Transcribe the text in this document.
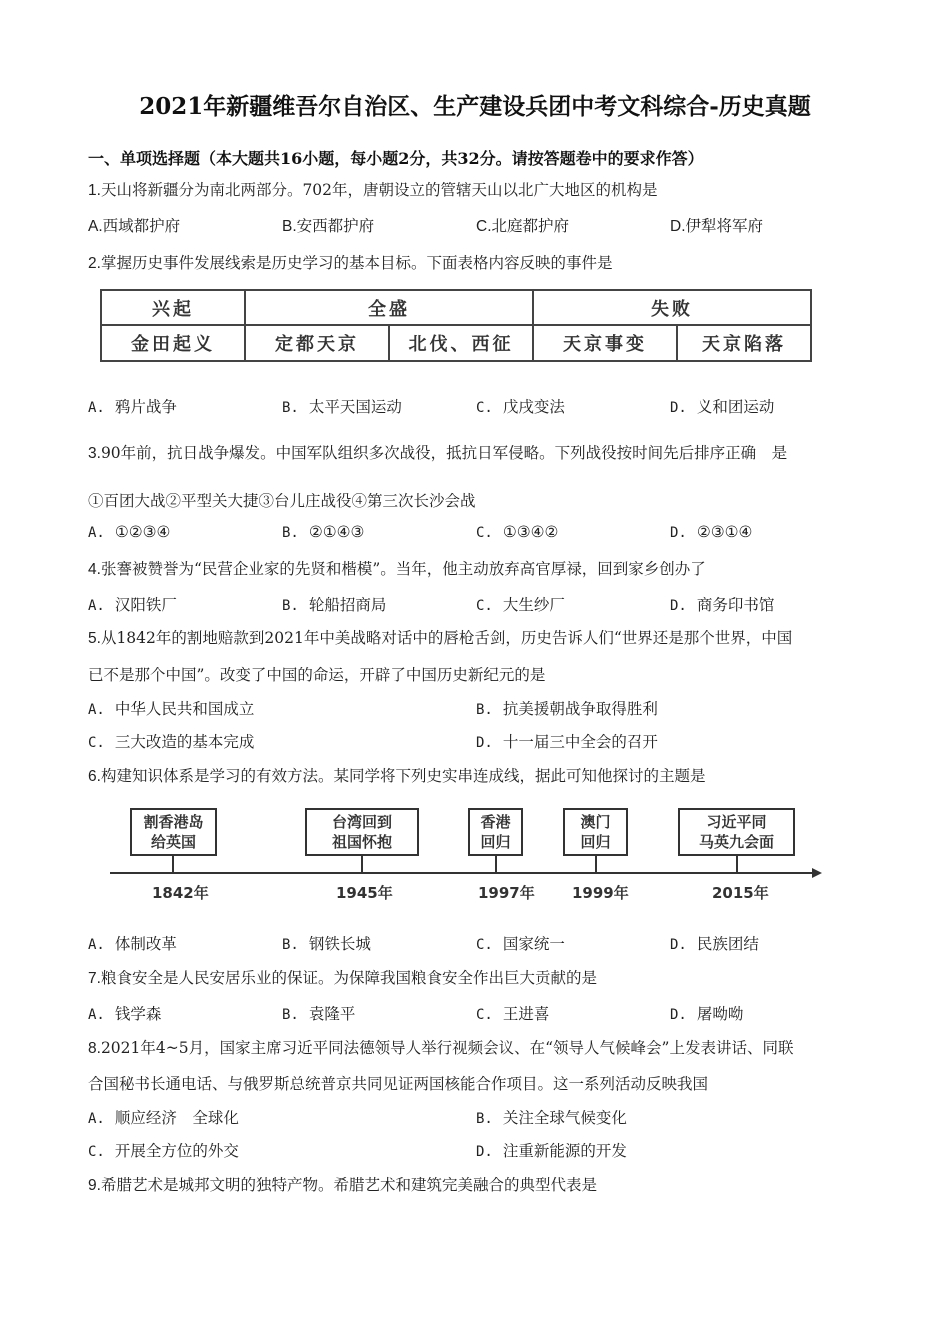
2021年新疆维吾尔自治区、生产建设兵团中考文科综合-历史真题
一、单项选择题（本大题共16小题，每小题2分，共32分。请按答题卷中的要求作答）
1.天山将新疆分为南北两部分。702年，唐朝设立的管辖天山以北广大地区的机构是
A.西域都护府	B.安西都护府	C.北庭都护府	D.伊犁将军府
2.掌握历史事件发展线索是历史学习的基本目标。下面表格内容反映的事件是
兴起	全盛		失败	
金田起义	定都天京	北伐、西征	天京事变	天京陷落
A. 鸦片战争	B. 太平天国运动	C. 戊戌变法	D. 义和团运动
3.90年前，抗日战争爆发。中国军队组织多次战役，抵抗日军侵略。下列战役按时间先后排序正确　是
①百团大战②平型关大捷③台儿庄战役④第三次长沙会战
A. ①②③④	B. ②①④③	C. ①③④②	D. ②③①④
4.张謇被赞誉为“民营企业家的先贤和楷模”。当年，他主动放弃高官厚禄，回到家乡创办了
A. 汉阳铁厂	B. 轮船招商局	C. 大生纱厂	D. 商务印书馆
5.从1842年的割地赔款到2021年中美战略对话中的唇枪舌剑，历史告诉人们“世界还是那个世界，中国
已不是那个中国”。改变了中国的命运，开辟了中国历史新纪元的是
A. 中华人民共和国成立	B. 抗美援朝战争取得胜利
C. 三大改造的基本完成	D. 十一届三中全会的召开
6.构建知识体系是学习的有效方法。某同学将下列史实串连成线，据此可知他探讨的主题是
割香港岛
给英国
1842年
台湾回到
祖国怀抱
1945年
香港
回归
1997年
澳门
回归
1999年
习近平同
马英九会面
2015年
A. 体制改革	B. 钢铁长城	C. 国家统一	D. 民族团结
7.粮食安全是人民安居乐业的保证。为保障我国粮食安全作出巨大贡献的是
A. 钱学森	B. 袁隆平	C. 王进喜	D. 屠呦呦
8.2021年4~5月，国家主席习近平同法德领导人举行视频会议、在“领导人气候峰会”上发表讲话、同联
合国秘书长通电话、与俄罗斯总统普京共同见证两国核能合作项目。这一系列活动反映我国
A. 顺应经济　全球化	B. 关注全球气候变化
C. 开展全方位的外交	D. 注重新能源的开发
9.希腊艺术是城邦文明的独特产物。希腊艺术和建筑完美融合的典型代表是
